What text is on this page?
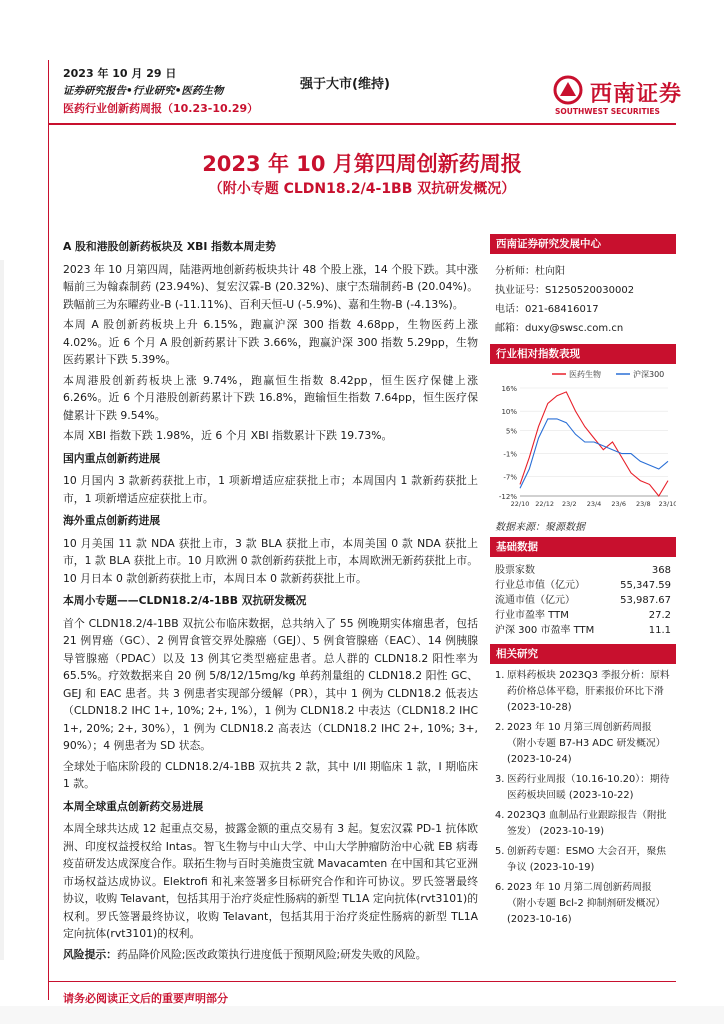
2023 年 10 月 29 日
证券研究报告•行业研究•医药生物
医药行业创新药周报（10.23-10.29）
强于大市(维持)	西南证券
SOUTHWEST SECURITIES
2023 年 10 月第四周创新药周报
（附小专题 CLDN18.2/4-1BB 双抗研发概况）
A 股和港股创新药板块及 XBI 指数本周走势

2023 年 10 月第四周，陆港两地创新药板块共计 48 个股上涨，14 个股下跌。其中涨幅前三为翰森制药 (23.94%)、复宏汉霖-B (20.32%)、康宁杰瑞制药-B (20.04%)。跌幅前三为东曜药业-B (-11.11%)、百利天恒-U (-5.9%)、嘉和生物-B (-4.13%)。

本周 A 股创新药板块上升 6.15%，跑赢沪深 300 指数 4.68pp，生物医药上涨 4.02%。近 6 个月 A 股创新药累计下跌 3.66%，跑赢沪深 300 指数 5.29pp，生物医药累计下跌 5.39%。

本周港股创新药板块上涨 9.74%，跑赢恒生指数 8.42pp，恒生医疗保健上涨 6.26%。近 6 个月港股创新药累计下跌 16.8%，跑输恒生指数 7.64pp，恒生医疗保健累计下跌 9.54%。

本周 XBI 指数下跌 1.98%，近 6 个月 XBI 指数累计下跌 19.73%。

国内重点创新药进展

10 月国内 3 款新药获批上市，1 项新增适应症获批上市；本周国内 1 款新药获批上市，1 项新增适应症获批上市。

海外重点创新药进展

10 月美国 11 款 NDA 获批上市，3 款 BLA 获批上市，本周美国 0 款 NDA 获批上市，1 款 BLA 获批上市。10 月欧洲 0 款创新药获批上市，本周欧洲无新药获批上市。10 月日本 0 款创新药获批上市，本周日本 0 款新药获批上市。

本周小专题——CLDN18.2/4-1BB 双抗研发概况

首个 CLDN18.2/4-1BB 双抗公布临床数据，总共纳入了 55 例晚期实体瘤患者，包括 21 例胃癌（GC）、2 例胃食管交界处腺癌（GEJ）、5 例食管腺癌（EAC）、14 例胰腺导管腺癌（PDAC）以及 13 例其它类型癌症患者。总人群的 CLDN18.2 阳性率为 65.5%。疗效数据来自 20 例 5/8/12/15mg/kg 单药剂量组的 CLDN18.2 阳性 GC、GEJ 和 EAC 患者。共 3 例患者实现部分缓解（PR），其中 1 例为 CLDN18.2 低表达（CLDN18.2 IHC 1+, 10%; 2+, 1%），1 例为 CLDN18.2 中表达（CLDN18.2 IHC 1+, 20%; 2+, 30%），1 例为 CLDN18.2 高表达（CLDN18.2 IHC 2+, 10%; 3+, 90%）；4 例患者为 SD 状态。

全球处于临床阶段的 CLDN18.2/4-1BB 双抗共 2 款，其中 I/II 期临床 1 款，I 期临床 1 款。

本周全球重点创新药交易进展

本周全球共达成 12 起重点交易，披露金额的重点交易有 3 起。复宏汉霖 PD-1 抗体欧洲、印度权益授权给 Intas。智飞生物与中山大学、中山大学肿瘤防治中心就 EB 病毒疫苗研发达成深度合作。联拓生物与百时美施贵宝就 Mavacamten 在中国和其它亚洲市场权益达成协议。Elektrofi 和礼来签署多目标研究合作和许可协议。罗氏签署最终协议，收购 Telavant，包括其用于治疗炎症性肠病的新型 TL1A 定向抗体(rvt3101)的权利。罗氏签署最终协议，收购 Telavant，包括其用于治疗炎症性肠病的新型 TL1A 定向抗体(rvt3101)的权利。

风险提示：药品降价风险;医改政策执行进度低于预期风险;研发失败的风险。

西南证券研究发展中心
分析师：杜向阳
执业证号：S1250520030002
电话：021-68416017
邮箱：duxy@swsc.com.cn
行业相对指数表现
医药生物	沪深300
16%
10%
5%
-1%
-7%
-12%
22/10 22/12 23/2 23/4 23/6 23/8 23/10
数据来源：聚源数据
基础数据
股票家数	368
行业总市值（亿元）	55,347.59
流通市值（亿元）	53,987.67
行业市盈率 TTM	27.2
沪深 300 市盈率 TTM	11.1
相关研究
1. 原料药板块 2023Q3 季报分析：原料药价格总体平稳，肝素报价环比下滑 (2023-10-28)
2. 2023 年 10 月第三周创新药周报（附小专题 B7-H3 ADC 研发概况） (2023-10-24)
3. 医药行业周报（10.16-10.20）：期待医药板块回暖 (2023-10-22)
4. 2023Q3 血制品行业跟踪报告（附批签发） (2023-10-19)
5. 创新药专题：ESMO 大会召开，聚焦争议 (2023-10-19)
6. 2023 年 10 月第二周创新药周报（附小专题 Bcl-2 抑制剂研发概况） (2023-10-16)
请务必阅读正文后的重要声明部分
